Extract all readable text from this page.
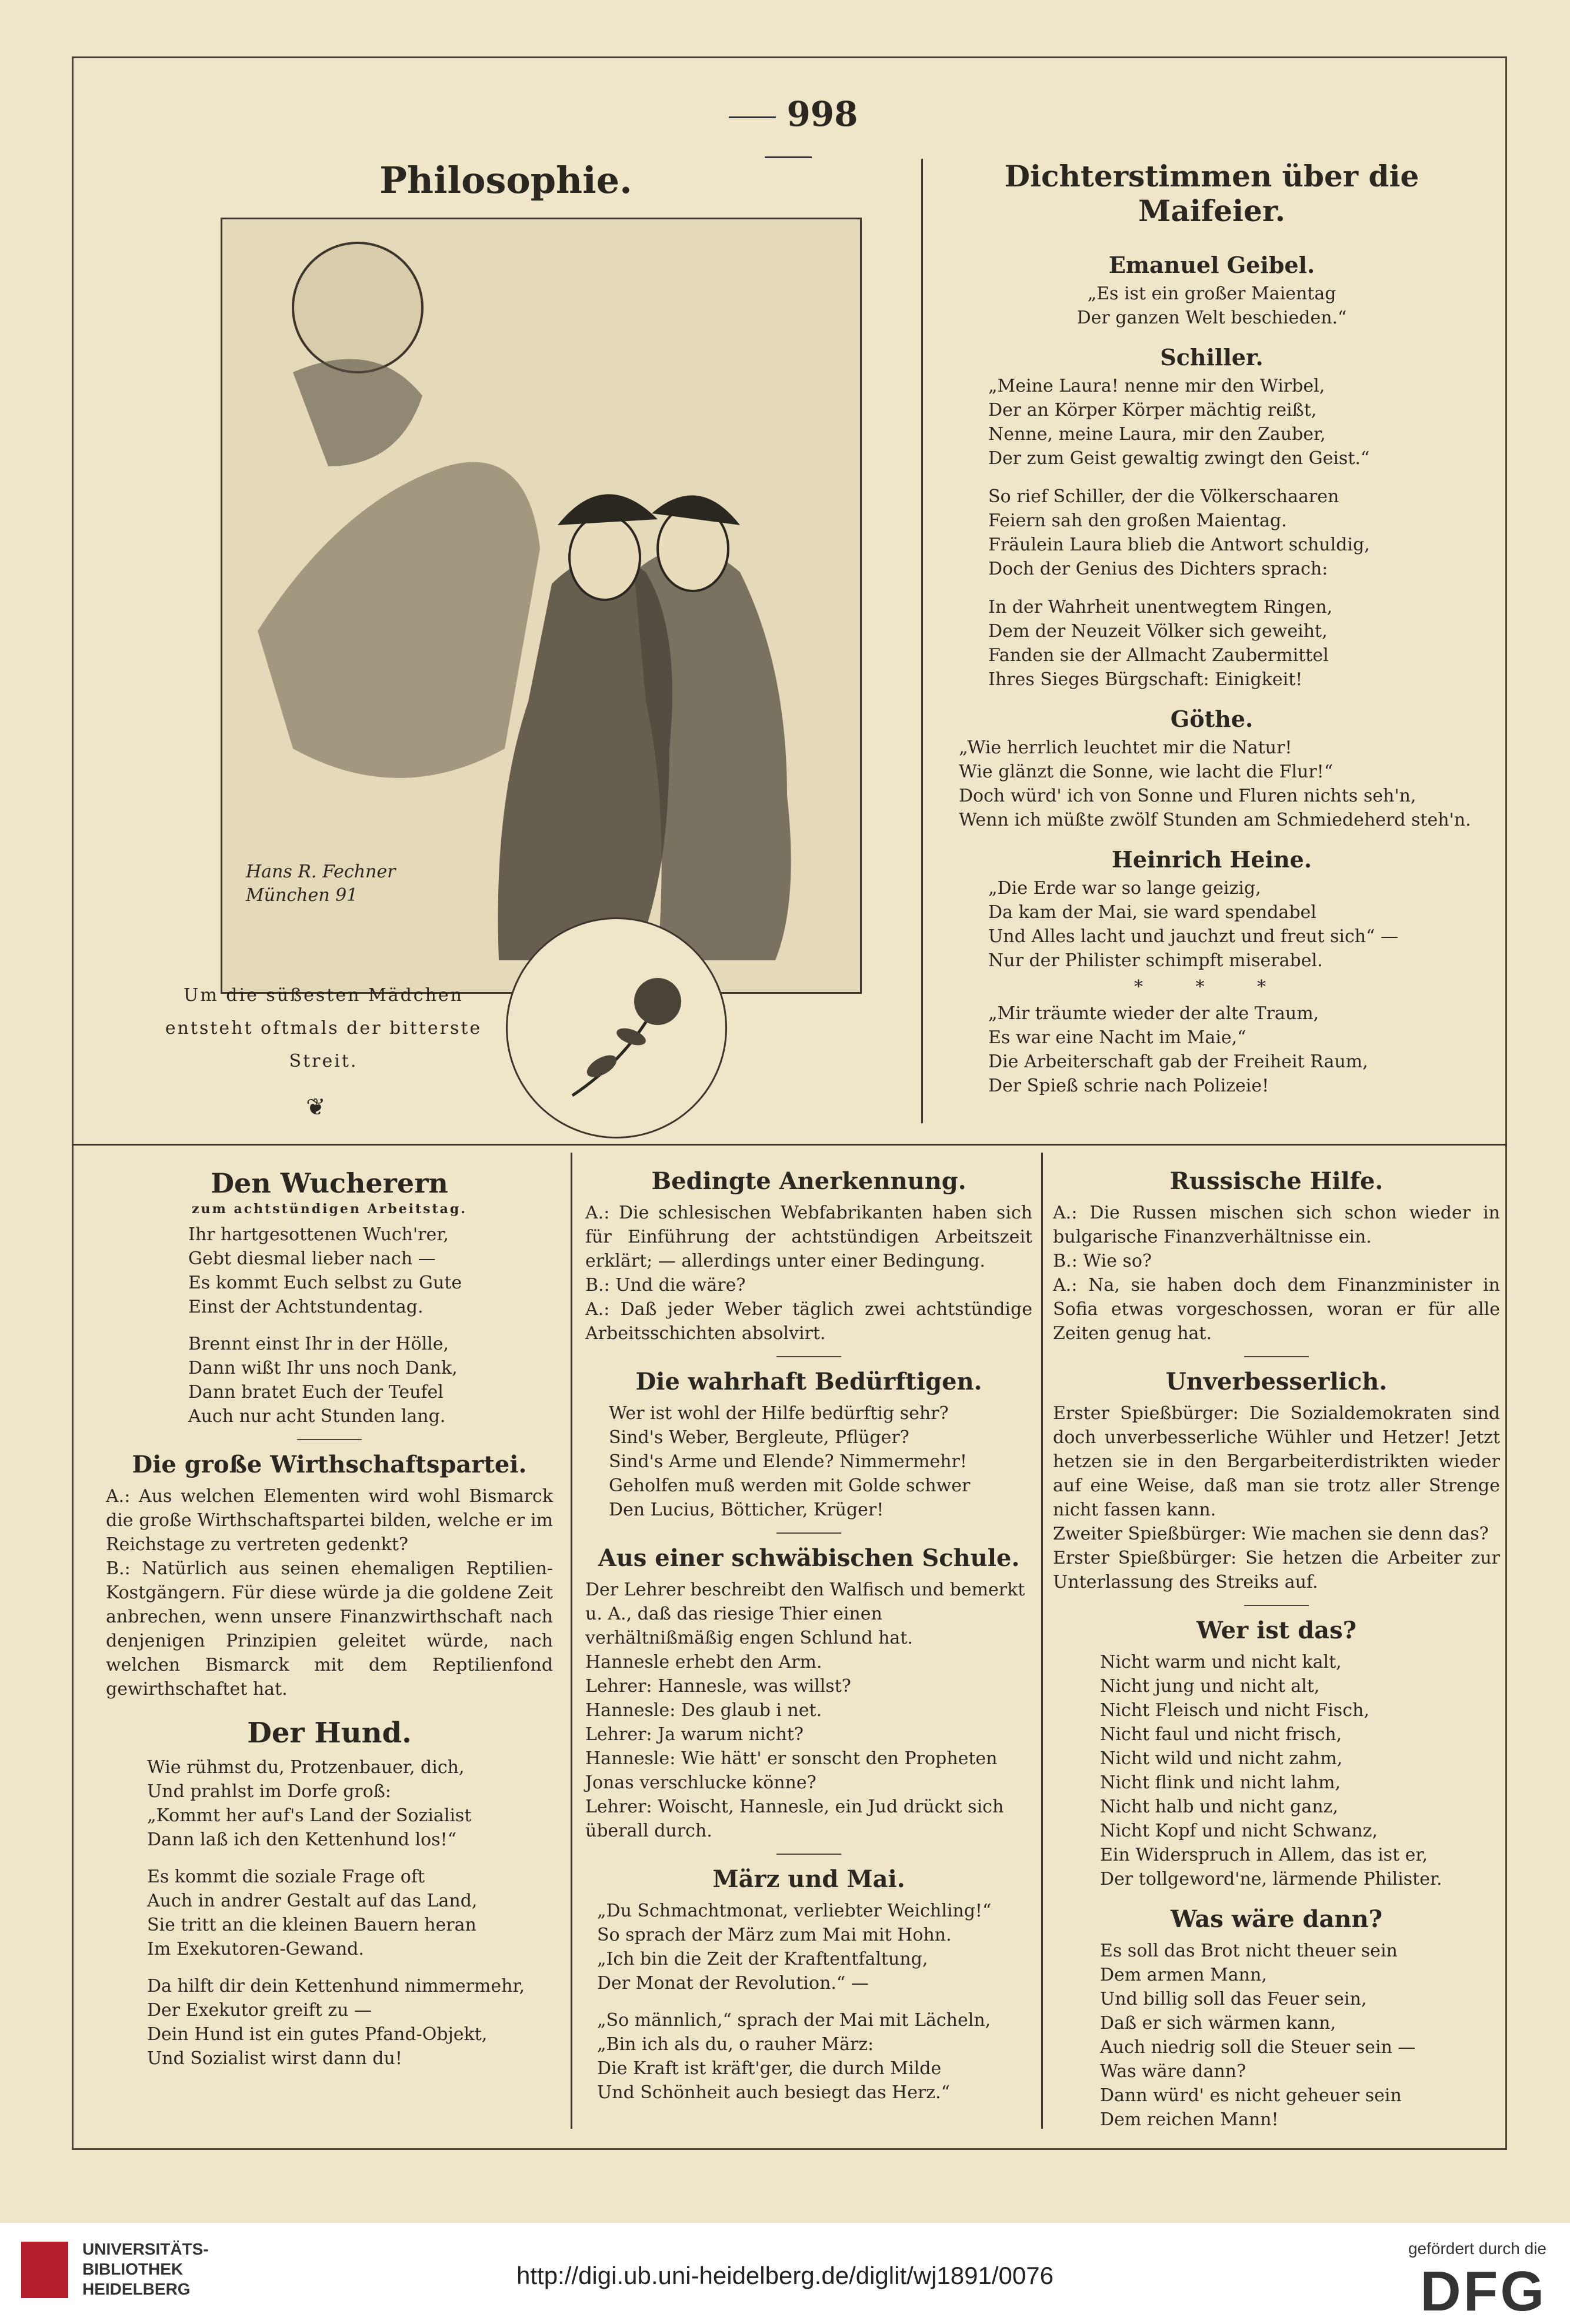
998
Philosophie.
Hans R. Fechner
München 91
Um die süßesten Mädchen entsteht oftmals der bitterste Streit.
❦
Dichterstimmen über die Maifeier.
Emanuel Geibel.
„Es ist ein großer Maientag
Der ganzen Welt beschieden.“
Schiller.
„Meine Laura! nenne mir den Wirbel,
Der an Körper Körper mächtig reißt,
Nenne, meine Laura, mir den Zauber,
Der zum Geist gewaltig zwingt den Geist.“
So rief Schiller, der die Völkerschaaren
Feiern sah den großen Maientag.
Fräulein Laura blieb die Antwort schuldig,
Doch der Genius des Dichters sprach:
In der Wahrheit unentwegtem Ringen,
Dem der Neuzeit Völker sich geweiht,
Fanden sie der Allmacht Zaubermittel
Ihres Sieges Bürgschaft: Einigkeit!
Göthe.
„Wie herrlich leuchtet mir die Natur!
Wie glänzt die Sonne, wie lacht die Flur!“
Doch würd' ich von Sonne und Fluren nichts seh'n,
Wenn ich müßte zwölf Stunden am Schmiedeherd steh'n.
Heinrich Heine.
„Die Erde war so lange geizig,
Da kam der Mai, sie ward spendabel
Und Alles lacht und jauchzt und freut sich“ —
Nur der Philister schimpft miserabel.
* * *
„Mir träumte wieder der alte Traum,
Es war eine Nacht im Maie,“
Die Arbeiterschaft gab der Freiheit Raum,
Der Spieß schrie nach Polizeie!
Den Wucherern
zum achtstündigen Arbeitstag.
Ihr hartgesottenen Wuch'rer,
Gebt diesmal lieber nach —
Es kommt Euch selbst zu Gute
Einst der Achtstundentag.
Brennt einst Ihr in der Hölle,
Dann wißt Ihr uns noch Dank,
Dann bratet Euch der Teufel
Auch nur acht Stunden lang.
Die große Wirthschaftspartei.
A.: Aus welchen Elementen wird wohl Bismarck die große Wirthschaftspartei bilden, welche er im Reichstage zu vertreten gedenkt?
B.: Natürlich aus seinen ehemaligen Reptilien-Kostgängern. Für diese würde ja die goldene Zeit anbrechen, wenn unsere Finanzwirthschaft nach denjenigen Prinzipien geleitet würde, nach welchen Bismarck mit dem Reptilienfond gewirthschaftet hat.
Der Hund.
Wie rühmst du, Protzenbauer, dich,
Und prahlst im Dorfe groß:
„Kommt her auf's Land der Sozialist
Dann laß ich den Kettenhund los!“
Es kommt die soziale Frage oft
Auch in andrer Gestalt auf das Land,
Sie tritt an die kleinen Bauern heran
Im Exekutoren-Gewand.
Da hilft dir dein Kettenhund nimmermehr,
Der Exekutor greift zu —
Dein Hund ist ein gutes Pfand-Objekt,
Und Sozialist wirst dann du!
Bedingte Anerkennung.
A.: Die schlesischen Webfabrikanten haben sich für Einführung der achtstündigen Arbeitszeit erklärt; — allerdings unter einer Bedingung.
B.: Und die wäre?
A.: Daß jeder Weber täglich zwei achtstündige Arbeitsschichten absolvirt.
Die wahrhaft Bedürftigen.
Wer ist wohl der Hilfe bedürftig sehr?
Sind's Weber, Bergleute, Pflüger?
Sind's Arme und Elende? Nimmermehr!
Geholfen muß werden mit Golde schwer
Den Lucius, Bötticher, Krüger!
Aus einer schwäbischen Schule.
Der Lehrer beschreibt den Walfisch und bemerkt u. A., daß das riesige Thier einen verhältnißmäßig engen Schlund hat.
Hannesle erhebt den Arm.
Lehrer: Hannesle, was willst?
Hannesle: Des glaub i net.
Lehrer: Ja warum nicht?
Hannesle: Wie hätt' er sonscht den Propheten Jonas verschlucke könne?
Lehrer: Woischt, Hannesle, ein Jud drückt sich überall durch.
März und Mai.
„Du Schmachtmonat, verliebter Weichling!“
So sprach der März zum Mai mit Hohn.
„Ich bin die Zeit der Kraftentfaltung,
Der Monat der Revolution.“ —
„So männlich,“ sprach der Mai mit Lächeln,
„Bin ich als du, o rauher März:
Die Kraft ist kräft'ger, die durch Milde
Und Schönheit auch besiegt das Herz.“
Russische Hilfe.
A.: Die Russen mischen sich schon wieder in bulgarische Finanzverhältnisse ein.
B.: Wie so?
A.: Na, sie haben doch dem Finanzminister in Sofia etwas vorgeschossen, woran er für alle Zeiten genug hat.
Unverbesserlich.
Erster Spießbürger: Die Sozialdemokraten sind doch unverbesserliche Wühler und Hetzer! Jetzt hetzen sie in den Bergarbeiterdistrikten wieder auf eine Weise, daß man sie trotz aller Strenge nicht fassen kann.
Zweiter Spießbürger: Wie machen sie denn das?
Erster Spießbürger: Sie hetzen die Arbeiter zur Unterlassung des Streiks auf.
Wer ist das?
Nicht warm und nicht kalt,
Nicht jung und nicht alt,
Nicht Fleisch und nicht Fisch,
Nicht faul und nicht frisch,
Nicht wild und nicht zahm,
Nicht flink und nicht lahm,
Nicht halb und nicht ganz,
Nicht Kopf und nicht Schwanz,
Ein Widerspruch in Allem, das ist er,
Der tollgeword'ne, lärmende Philister.
Was wäre dann?
Es soll das Brot nicht theuer sein
Dem armen Mann,
Und billig soll das Feuer sein,
Daß er sich wärmen kann,
Auch niedrig soll die Steuer sein —
Was wäre dann?
Dann würd' es nicht geheuer sein
Dem reichen Mann!
UNIVERSITÄTS-
BIBLIOTHEK
HEIDELBERG	http://digi.ub.uni-heidelberg.de/diglit/wj1891/0076
gefördert durch die
DFG
